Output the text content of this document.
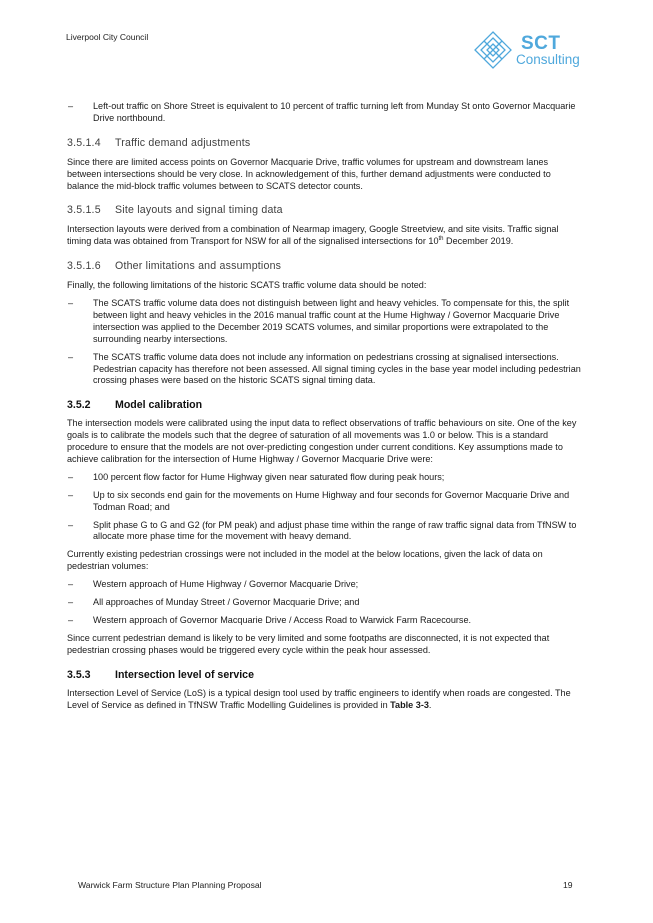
Liverpool City Council	SCT
Consulting
– Left-out traffic on Shore Street is equivalent to 10 percent of traffic turning left from Munday St onto Governor Macquarie Drive northbound.
3.5.1.4 Traffic demand adjustments

Since there are limited access points on Governor Macquarie Drive, traffic volumes for upstream and downstream lanes between intersections should be very close. In acknowledgement of this, further demand adjustments were conducted to balance the mid-block traffic volumes between to SCATS detector counts.

3.5.1.5 Site layouts and signal timing data

Intersection layouts were derived from a combination of Nearmap imagery, Google Streetview, and site visits. Traffic signal timing data was obtained from Transport for NSW for all of the signalised intersections for 10th December 2019.

3.5.1.6 Other limitations and assumptions

Finally, the following limitations of the historic SCATS traffic volume data should be noted:

– The SCATS traffic volume data does not distinguish between light and heavy vehicles. To compensate for this, the split between light and heavy vehicles in the 2016 manual traffic count at the Hume Highway / Governor Macquarie Drive intersection was applied to the December 2019 SCATS volumes, and similar proportions were extrapolated to the surrounding nearby intersections.
– The SCATS traffic volume data does not include any information on pedestrians crossing at signalised intersections. Pedestrian capacity has therefore not been assessed. All signal timing cycles in the base year model including pedestrian crossing phases were based on the historic SCATS signal timing data.
3.5.2 Model calibration

The intersection models were calibrated using the input data to reflect observations of traffic behaviours on site. One of the key goals is to calibrate the models such that the degree of saturation of all movements was 1.0 or below. This is a standard procedure to ensure that the models are not over-predicting congestion under current conditions. Key assumptions made to achieve calibration for the intersection of Hume Highway / Governor Macquarie Drive were:

– 100 percent flow factor for Hume Highway given near saturated flow during peak hours;
– Up to six seconds end gain for the movements on Hume Highway and four seconds for Governor Macquarie Drive and Todman Road; and
– Split phase G to G and G2 (for PM peak) and adjust phase time within the range of raw traffic signal data from TfNSW to allocate more phase time for the movement with heavy demand.

Currently existing pedestrian crossings were not included in the model at the below locations, given the lack of data on pedestrian volumes:

– Western approach of Hume Highway / Governor Macquarie Drive;
– All approaches of Munday Street / Governor Macquarie Drive; and
– Western approach of Governor Macquarie Drive / Access Road to Warwick Farm Racecourse.

Since current pedestrian demand is likely to be very limited and some footpaths are disconnected, it is not expected that pedestrian crossing phases would be triggered every cycle within the peak hour assessed.

3.5.3 Intersection level of service

Intersection Level of Service (LoS) is a typical design tool used by traffic engineers to identify when roads are congested. The Level of Service as defined in TfNSW Traffic Modelling Guidelines is provided in Table 3-3.

Warwick Farm Structure Plan Planning Proposal	19
